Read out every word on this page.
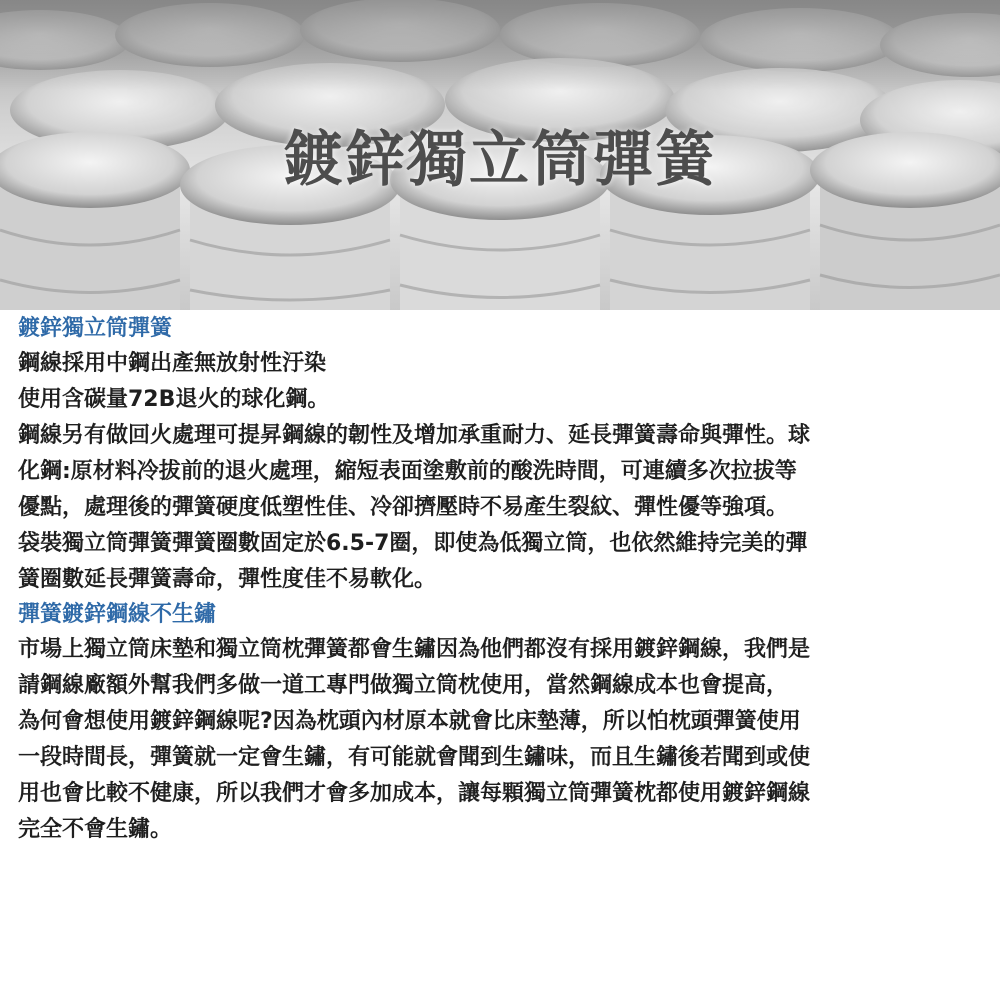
鍍鋅獨立筒彈簧
鍍鋅獨立筒彈簧
鋼線採用中鋼出產無放射性汙染
使用含碳量72B退火的球化鋼。
鋼線另有做回火處理可提昇鋼線的韌性及增加承重耐力、延長彈簧壽命與彈性。球
化鋼:原材料冷拔前的退火處理，縮短表面塗敷前的酸洗時間，可連續多次拉拔等
優點，處理後的彈簧硬度低塑性佳、冷卻擠壓時不易產生裂紋、彈性優等強項。
袋裝獨立筒彈簧彈簧圈數固定於6.5-7圈，即使為低獨立筒，也依然維持完美的彈
簧圈數延長彈簧壽命，彈性度佳不易軟化。
彈簧鍍鋅鋼線不生鏽
市場上獨立筒床墊和獨立筒枕彈簧都會生鏽因為他們都沒有採用鍍鋅鋼線，我們是
請鋼線廠額外幫我們多做一道工專門做獨立筒枕使用，當然鋼線成本也會提高，
為何會想使用鍍鋅鋼線呢?因為枕頭內材原本就會比床墊薄，所以怕枕頭彈簧使用
一段時間長，彈簧就一定會生鏽，有可能就會聞到生鏽味，而且生鏽後若聞到或使
用也會比較不健康，所以我們才會多加成本，讓每顆獨立筒彈簧枕都使用鍍鋅鋼線
完全不會生鏽。
